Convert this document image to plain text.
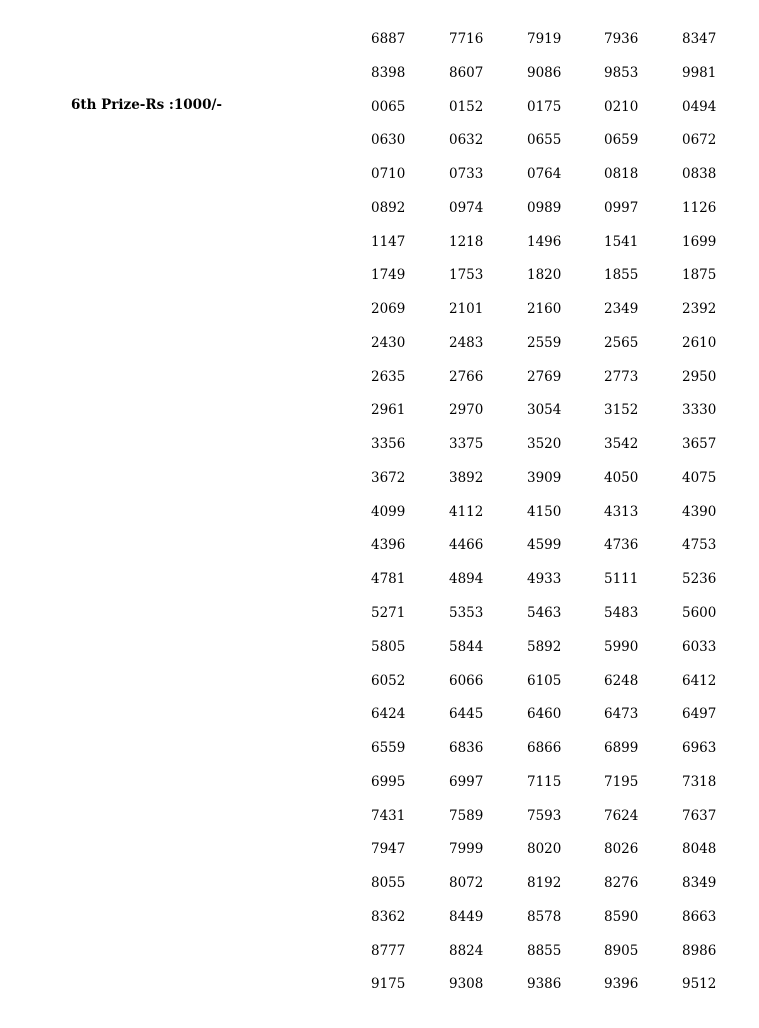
6th Prize-Rs :1000/-
6887	7716	7919	7936	8347
8398	8607	9086	9853	9981
0065	0152	0175	0210	0494
0630	0632	0655	0659	0672
0710	0733	0764	0818	0838
0892	0974	0989	0997	1126
1147	1218	1496	1541	1699
1749	1753	1820	1855	1875
2069	2101	2160	2349	2392
2430	2483	2559	2565	2610
2635	2766	2769	2773	2950
2961	2970	3054	3152	3330
3356	3375	3520	3542	3657
3672	3892	3909	4050	4075
4099	4112	4150	4313	4390
4396	4466	4599	4736	4753
4781	4894	4933	5111	5236
5271	5353	5463	5483	5600
5805	5844	5892	5990	6033
6052	6066	6105	6248	6412
6424	6445	6460	6473	6497
6559	6836	6866	6899	6963
6995	6997	7115	7195	7318
7431	7589	7593	7624	7637
7947	7999	8020	8026	8048
8055	8072	8192	8276	8349
8362	8449	8578	8590	8663
8777	8824	8855	8905	8986
9175	9308	9386	9396	9512
